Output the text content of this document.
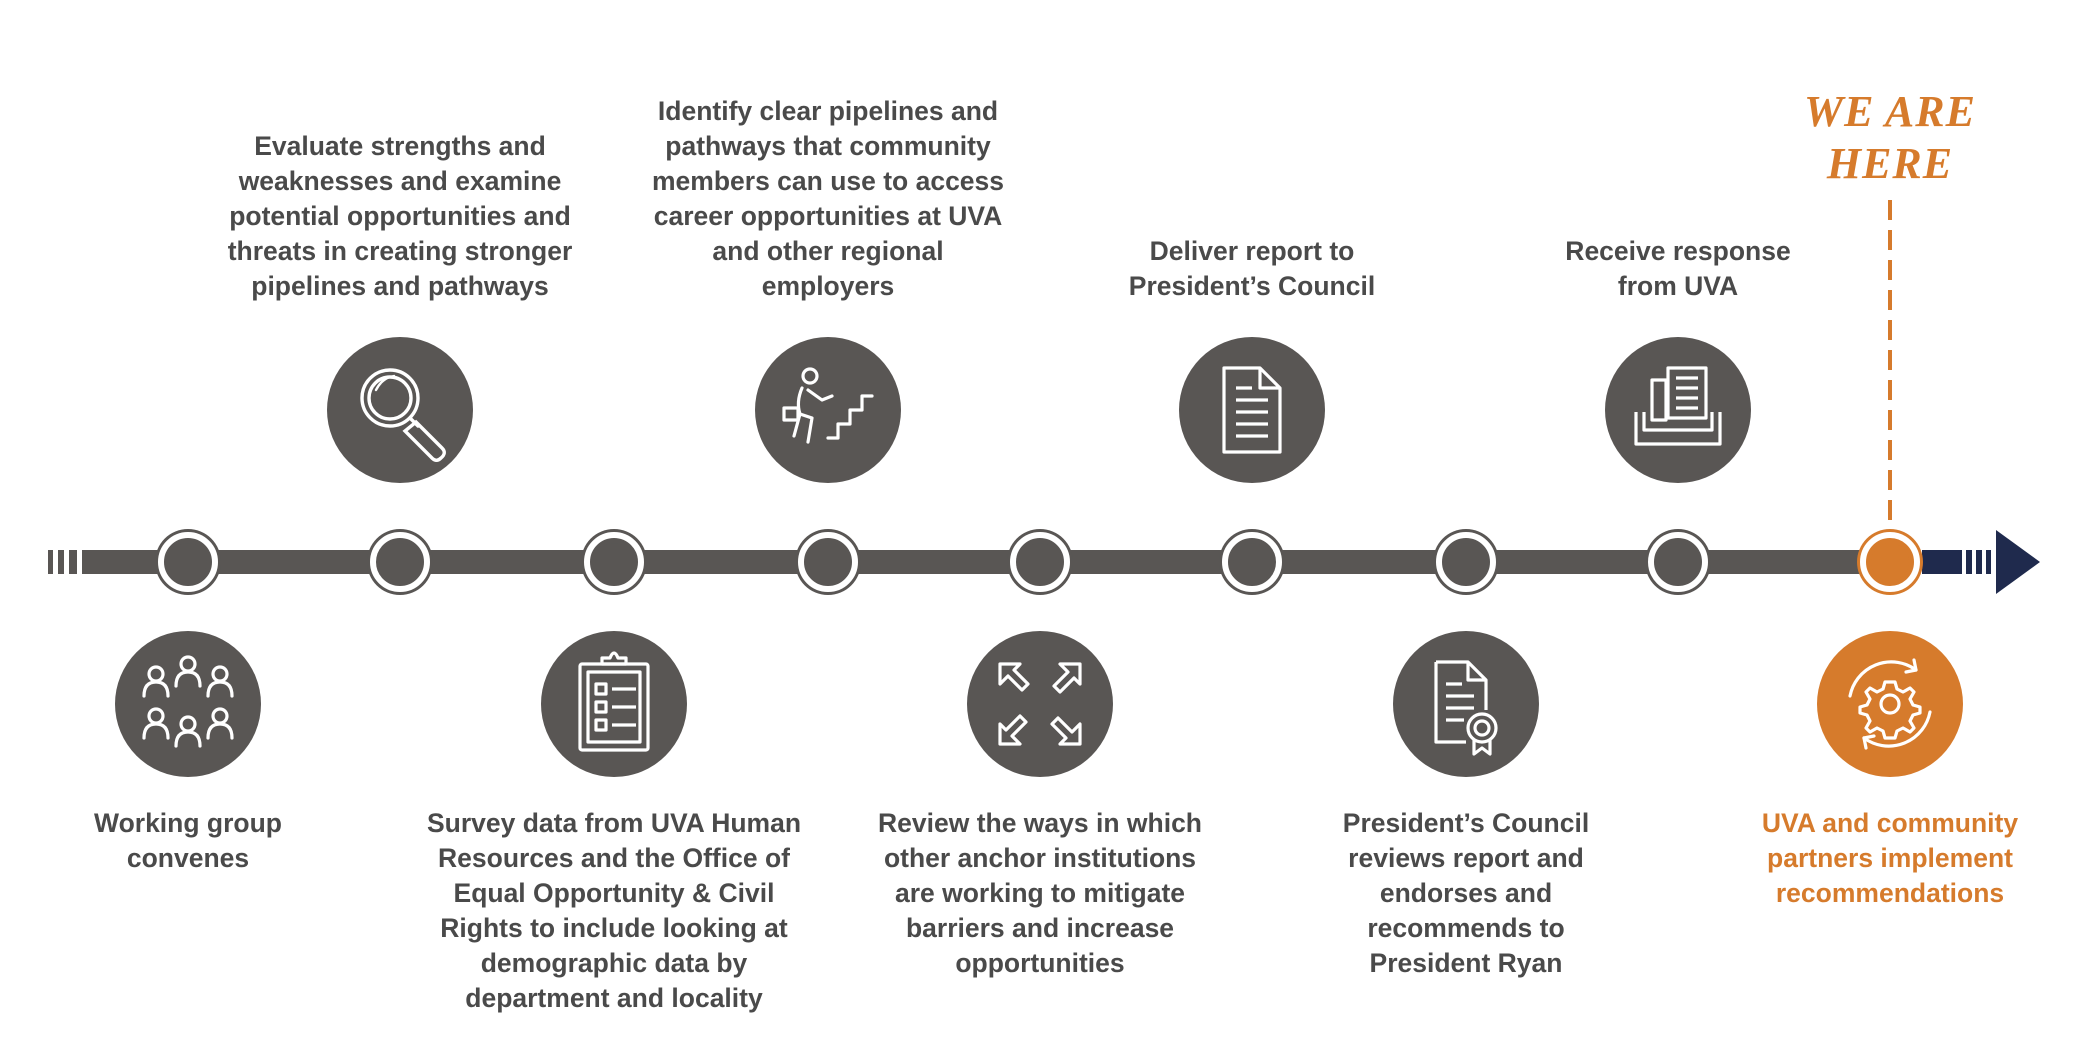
WE ARE
HERE
Working group
convenes
Evaluate strengths and
weaknesses and examine
potential opportunities and
threats in creating stronger
pipelines and pathways
Survey data from UVA Human
Resources and the Office of
Equal Opportunity & Civil
Rights to include looking at
demographic data by
department and locality
Identify clear pipelines and
pathways that community
members can use to access
career opportunities at UVA
and other regional
employers
Review the ways in which
other anchor institutions
are working to mitigate
barriers and increase
opportunities
Deliver report to
President’s Council
President’s Council
reviews report and
endorses and
recommends to
President Ryan
Receive response
from UVA
UVA and community
partners implement
recommendations
